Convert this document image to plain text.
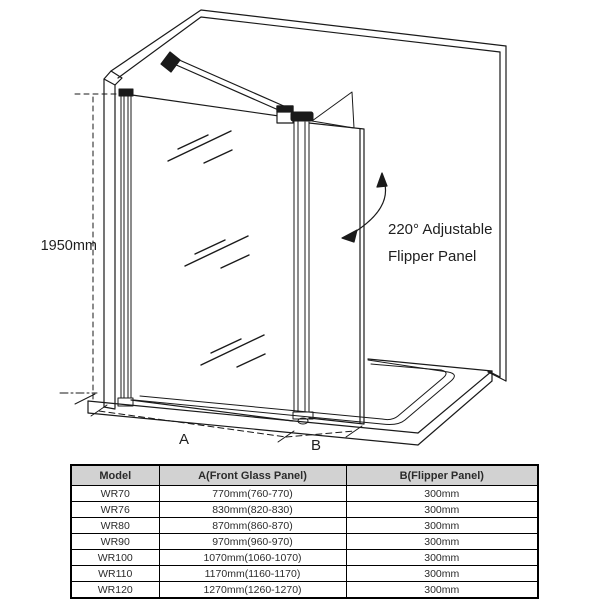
1950mm
A	B
220° Adjustable
Flipper Panel
Model	A(Front Glass Panel)	B(Flipper Panel)
WR70	770mm(760-770)	300mm
WR76	830mm(820-830)	300mm
WR80	870mm(860-870)	300mm
WR90	970mm(960-970)	300mm
WR100	1070mm(1060-1070)	300mm
WR110	1170mm(1160-1170)	300mm
WR120	1270mm(1260-1270)	300mm
